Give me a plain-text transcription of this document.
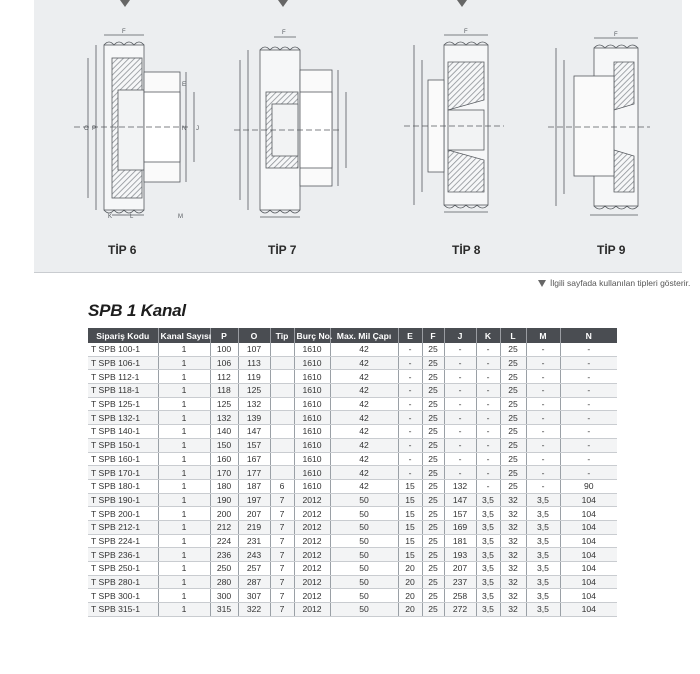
F	F	F	F
O P	N J
E
K	L	M
TİP 6	TİP 7	TİP 8	TİP 9
İlgili sayfada kullanılan tipleri gösterir.
SPB 1 Kanal
Sipariş Kodu	Kanal Sayısı	P	O	Tip	Burç No.	Max. Mil Çapı	E	F	J	K	L	M	N
T SPB 100-1	1	100	107		1610	42	-	25	-	-	25	-	-
T SPB 106-1	1	106	113		1610	42	-	25	-	-	25	-	-
T SPB 112-1	1	112	119		1610	42	-	25	-	-	25	-	-
T SPB 118-1	1	118	125		1610	42	-	25	-	-	25	-	-
T SPB 125-1	1	125	132		1610	42	-	25	-	-	25	-	-
T SPB 132-1	1	132	139		1610	42	-	25	-	-	25	-	-
T SPB 140-1	1	140	147		1610	42	-	25	-	-	25	-	-
T SPB 150-1	1	150	157		1610	42	-	25	-	-	25	-	-
T SPB 160-1	1	160	167		1610	42	-	25	-	-	25	-	-
T SPB 170-1	1	170	177		1610	42	-	25	-	-	25	-	-
T SPB 180-1	1	180	187	6	1610	42	15	25	132	-	25	-	90
T SPB 190-1	1	190	197	7	2012	50	15	25	147	3,5	32	3,5	104
T SPB 200-1	1	200	207	7	2012	50	15	25	157	3,5	32	3,5	104
T SPB 212-1	1	212	219	7	2012	50	15	25	169	3,5	32	3,5	104
T SPB 224-1	1	224	231	7	2012	50	15	25	181	3,5	32	3,5	104
T SPB 236-1	1	236	243	7	2012	50	15	25	193	3,5	32	3,5	104
T SPB 250-1	1	250	257	7	2012	50	20	25	207	3,5	32	3,5	104
T SPB 280-1	1	280	287	7	2012	50	20	25	237	3,5	32	3,5	104
T SPB 300-1	1	300	307	7	2012	50	20	25	258	3,5	32	3,5	104
T SPB 315-1	1	315	322	7	2012	50	20	25	272	3,5	32	3,5	104
